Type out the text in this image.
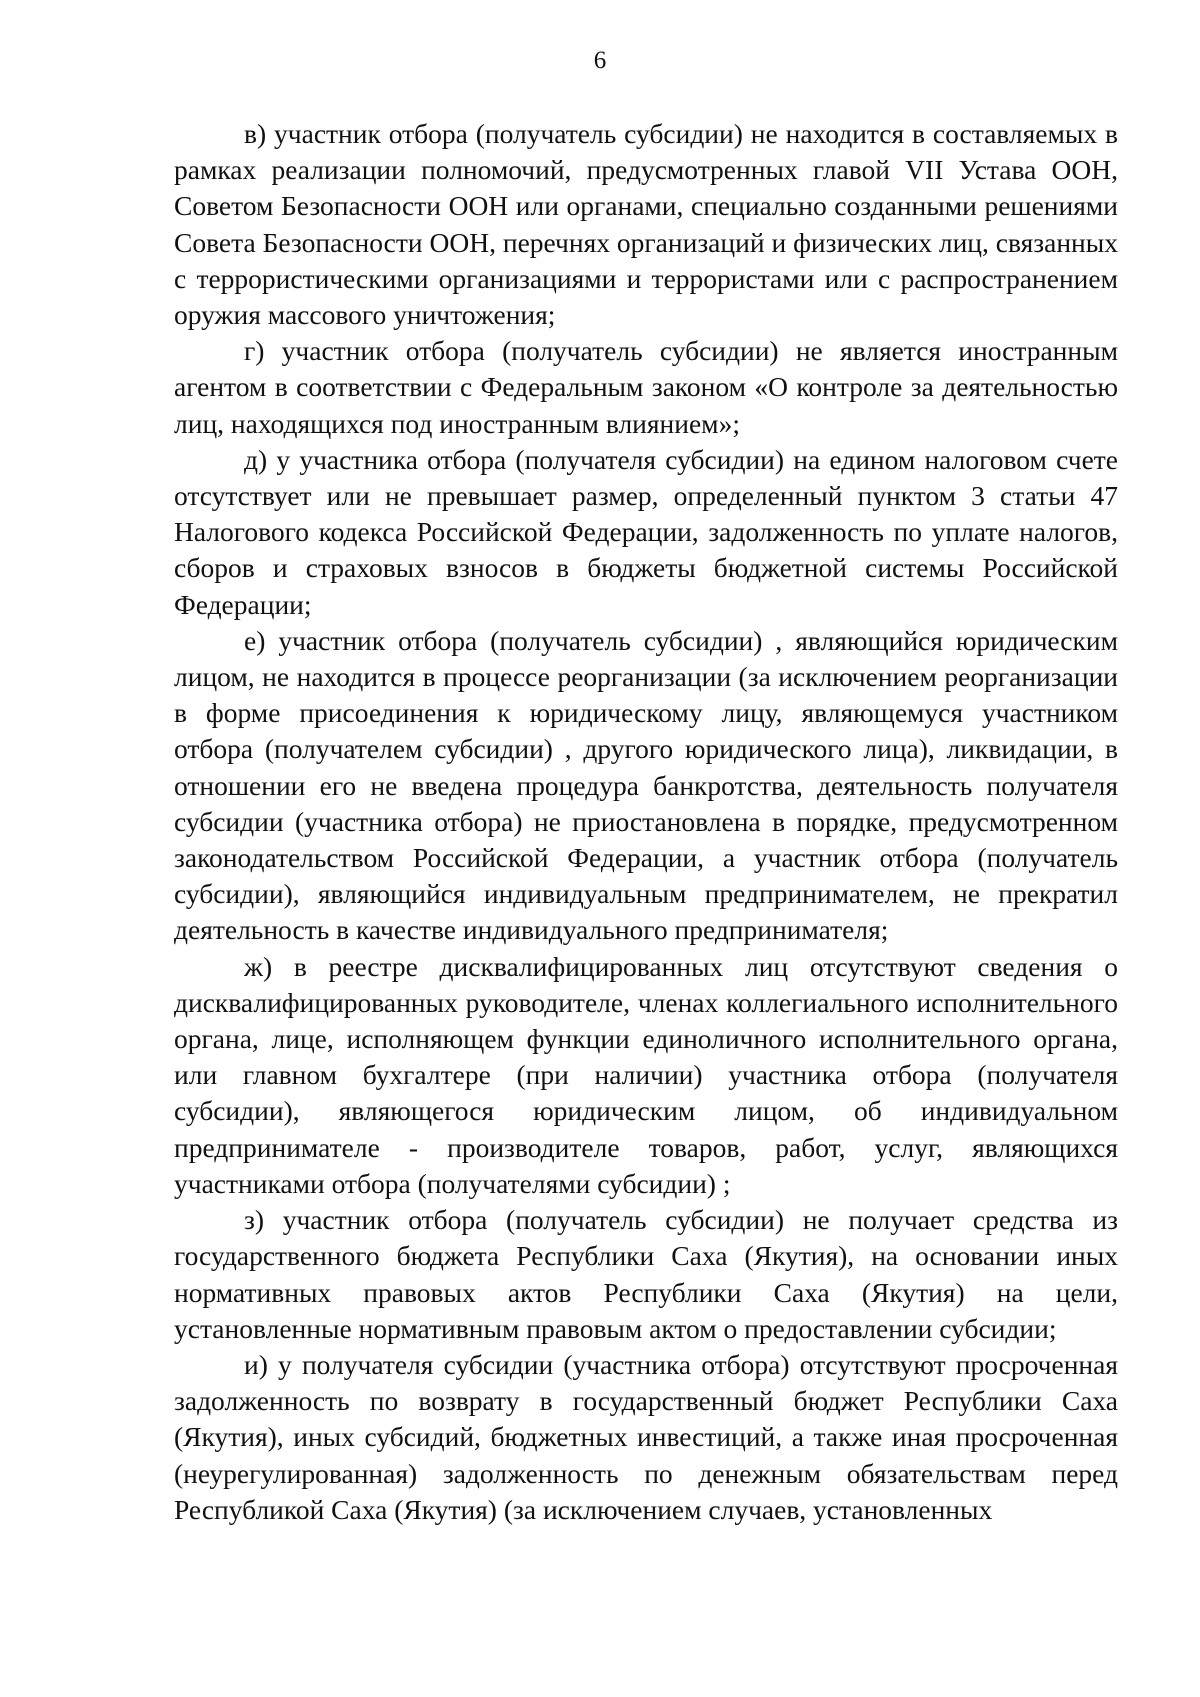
6

в) участник отбора (получатель субсидии) не находится в составляемых в рамках реализации полномочий, предусмотренных главой VII Устава ООН, Советом Безопасности ООН или органами, специально созданными решениями Совета Безопасности ООН, перечнях организаций и физических лиц, связанных с террористическими организациями и террористами или с распространением оружия массового уничтожения;

г) участник отбора (получатель субсидии) не является иностранным агентом в соответствии с Федеральным законом «О контроле за деятельностью лиц, находящихся под иностранным влиянием»;

д) у участника отбора (получателя субсидии) на едином налоговом счете отсутствует или не превышает размер, определенный пунктом 3 статьи 47 Налогового кодекса Российской Федерации, задолженность по уплате налогов, сборов и страховых взносов в бюджеты бюджетной системы Российской Федерации;

е) участник отбора (получатель субсидии) , являющийся юридическим лицом, не находится в процессе реорганизации (за исключением реорганизации в форме присоединения к юридическому лицу, являющемуся участником отбора (получателем субсидии) , другого юридического лица), ликвидации, в отношении его не введена процедура банкротства, деятельность получателя субсидии (участника отбора) не приостановлена в порядке, предусмотренном законодательством Российской Федерации, а участник отбора (получатель субсидии), являющийся индивидуальным предпринимателем, не прекратил деятельность в качестве индивидуального предпринимателя;

ж) в реестре дисквалифицированных лиц отсутствуют сведения о дисквалифицированных руководителе, членах коллегиального исполнительного органа, лице, исполняющем функции единоличного исполнительного органа, или главном бухгалтере (при наличии) участника отбора (получателя субсидии), являющегося юридическим лицом, об индивидуальном предпринимателе - производителе товаров, работ, услуг, являющихся участниками отбора (получателями субсидии) ;

з) участник отбора (получатель субсидии) не получает средства из государственного бюджета Республики Саха (Якутия), на основании иных нормативных правовых актов Республики Саха (Якутия) на цели, установленные нормативным правовым актом о предоставлении субсидии;

и) у получателя субсидии (участника отбора) отсутствуют просроченная задолженность по возврату в государственный бюджет Республики Саха (Якутия), иных субсидий, бюджетных инвестиций, а также иная просроченная (неурегулированная) задолженность по денежным обязательствам перед Республикой Саха (Якутия) (за исключением случаев, установленных
